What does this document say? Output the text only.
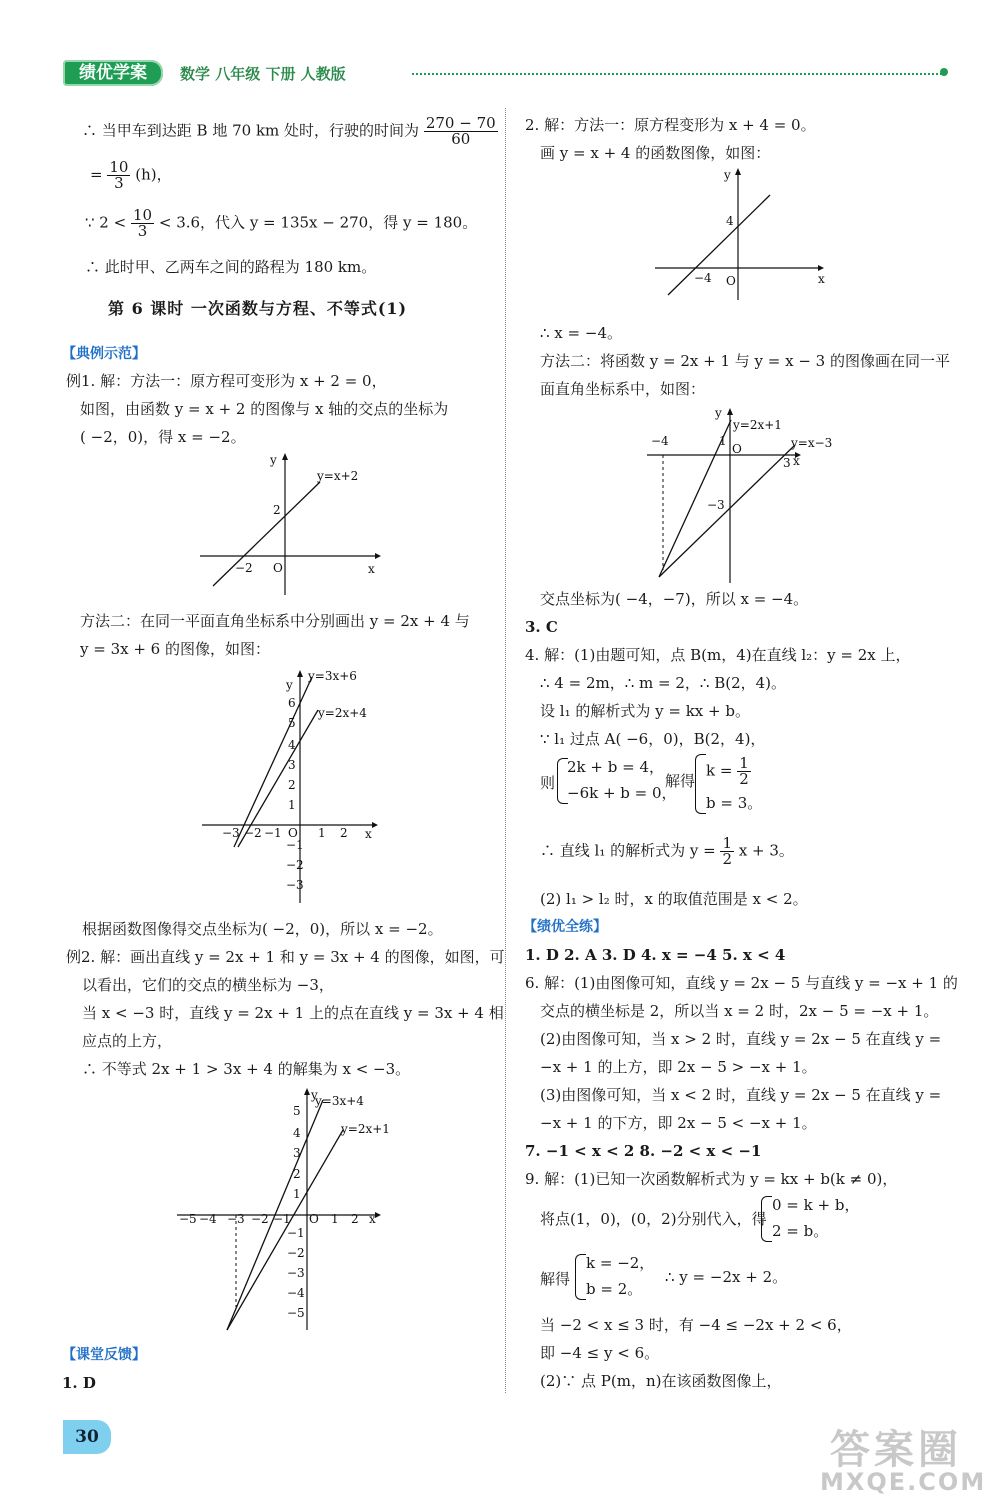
绩优学案	数学 八年级 下册 人教版
∴ 当甲车到达距 B 地 70 km 处时，行驶的时间为 $\frac{270 - 70}{60}$
= $\frac{10}{3} (h)$，
∵ $2 < \frac{10}{3} < 3.6$，代入 y = 135x − 270，得 y = 180。
∴ 此时甲、乙两车之间的路程为 180 km。
第 6 课时 一次函数与方程、不等式(1)
【典例示范】
例1. 解：方法一：原方程可变形为 x + 2 = 0，
如图，由函数 y = x + 2 的图像与 x 轴的交点的坐标为
( −2，0)，得 x = −2。
方法二：在同一平面直角坐标系中分别画出 y = 2x + 4 与
y = 3x + 6 的图像，如图：
根据函数图像得交点坐标为( −2，0)，所以 x = −2。
例2. 解：画出直线 y = 2x + 1 和 y = 3x + 4 的图像，如图，可
以看出，它们的交点的横坐标为 −3，
当 x < −3 时，直线 y = 2x + 1 上的点在直线 y = 3x + 4 相
应点的上方，
∴ 不等式 2x + 1 > 3x + 4 的解集为 x < −3。
【课堂反馈】
1. D
x
y
O
2
−2
y=x+2
y=3x+6
y=2x+4
y
x
6
5
4
3
2
1
−1
−2
−3
−3 −2 −1 O 1 2
y=3x+4
y=2x+1
y
x
5
4
3
2
1
−1
−2
−3
−4
−5
−5 −4 −3 −2 −1 O 1 2
30
2. 解：方法一：原方程变形为 x + 4 = 0。
画 y = x + 4 的函数图像，如图：
∴ x = −4。
方法二：将函数 y = 2x + 1 与 y = x − 3 的图像画在同一平
面直角坐标系中，如图：
交点坐标为( −4，−7)，所以 x = −4。
3. C
4. 解：(1)由题可知，点 B(m，4)在直线 l₂：y = 2x 上，
∴ 4 = 2m，∴ m = 2，∴ B(2，4)。
设 l₁ 的解析式为 y = kx + b。
∵ l₁ 过点 A( −6，0)，B(2，4)，
则
2k + b = 4，
−6k + b = 0，
解得
$k = \frac{1}{2}$
b = 3。
∴ 直线 l₁ 的解析式为 $y = \frac{1}{2}$ x + 3。
(2) l₁ > l₂ 时，x 的取值范围是 x < 2。
【绩优全练】
1. D 2. A 3. D 4. x = −4 5. x < 4
6. 解：(1)由图像可知，直线 y = 2x − 5 与直线 y = −x + 1 的
交点的横坐标是 2，所以当 x = 2 时，2x − 5 = −x + 1。
(2)由图像可知，当 x > 2 时，直线 y = 2x − 5 在直线 y =
−x + 1 的上方，即 2x − 5 > −x + 1。
(3)由图像可知，当 x < 2 时，直线 y = 2x − 5 在直线 y =
−x + 1 的下方，即 2x − 5 < −x + 1。
7. −1 < x < 2 8. −2 < x < −1
9. 解：(1)已知一次函数解析式为 y = kx + b(k ≠ 0)，
将点(1，0)，(0，2)分别代入，得
0 = k + b，
2 = b。
解得
k = −2，
b = 2。
∴ y = −2x + 2。
当 −2 < x ≤ 3 时，有 −4 ≤ −2x + 2 < 6，
即 −4 ≤ y < 6。
(2)∵ 点 P(m，n)在该函数图像上，
x
y
O
4
−4
y
y=2x+1
y=x−3
x
−4	1
O
3
−3
答案圈
MXQE.COM
